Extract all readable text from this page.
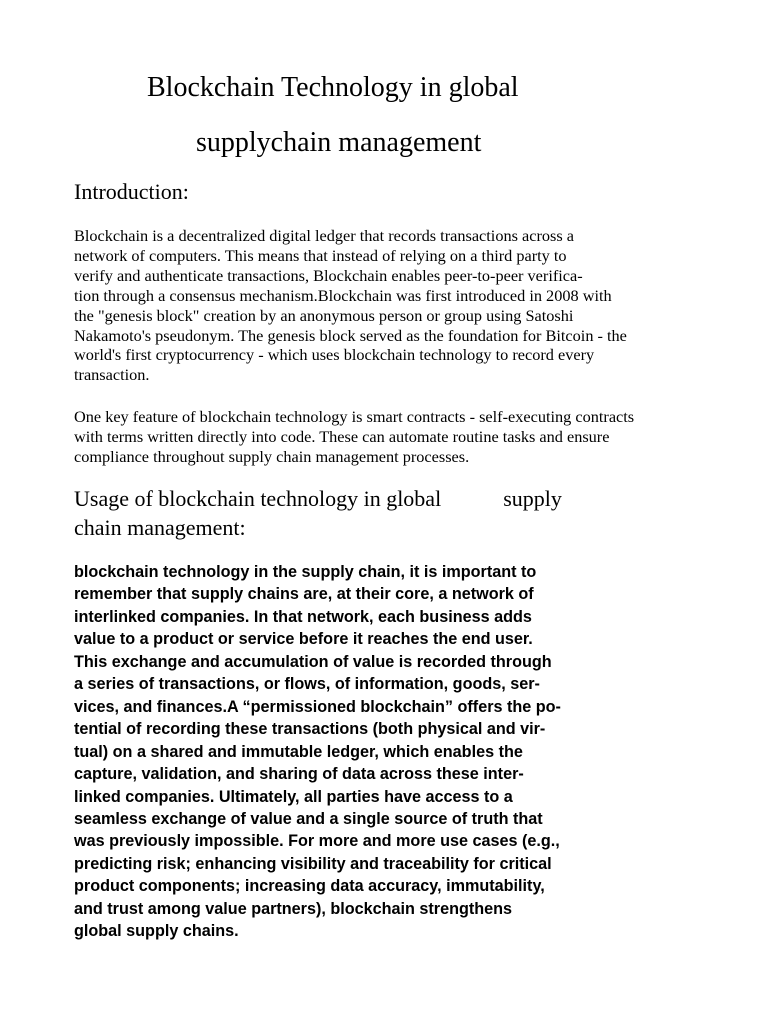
Blockchain Technology in global
supplychain management
Introduction:
Blockchain is a decentralized digital ledger that records transactions across a
network of computers. This means that instead of relying on a third party to
verify and authenticate transactions, Blockchain enables peer-to-peer verifica-
tion through a consensus mechanism.Blockchain was first introduced in 2008 with
the "genesis block" creation by an anonymous person or group using Satoshi
Nakamoto's pseudonym. The genesis block served as the foundation for Bitcoin - the
world's first cryptocurrency - which uses blockchain technology to record every
transaction.
One key feature of blockchain technology is smart contracts - self-executing contracts
with terms written directly into code. These can automate routine tasks and ensure
compliance throughout supply chain management processes.
Usage of blockchain technology in global	supply
chain management:
blockchain technology in the supply chain, it is important to
remember that supply chains are, at their core, a network of
interlinked companies. In that network, each business adds
value to a product or service before it reaches the end user.
This exchange and accumulation of value is recorded through
a series of transactions, or flows, of information, goods, ser-
vices, and finances.A “permissioned blockchain” offers the po-
tential of recording these transactions (both physical and vir-
tual) on a shared and immutable ledger, which enables the
capture, validation, and sharing of data across these inter-
linked companies. Ultimately, all parties have access to a
seamless exchange of value and a single source of truth that
was previously impossible. For more and more use cases (e.g.,
predicting risk; enhancing visibility and traceability for critical
product components; increasing data accuracy, immutability,
and trust among value partners), blockchain strengthens
global supply chains.
